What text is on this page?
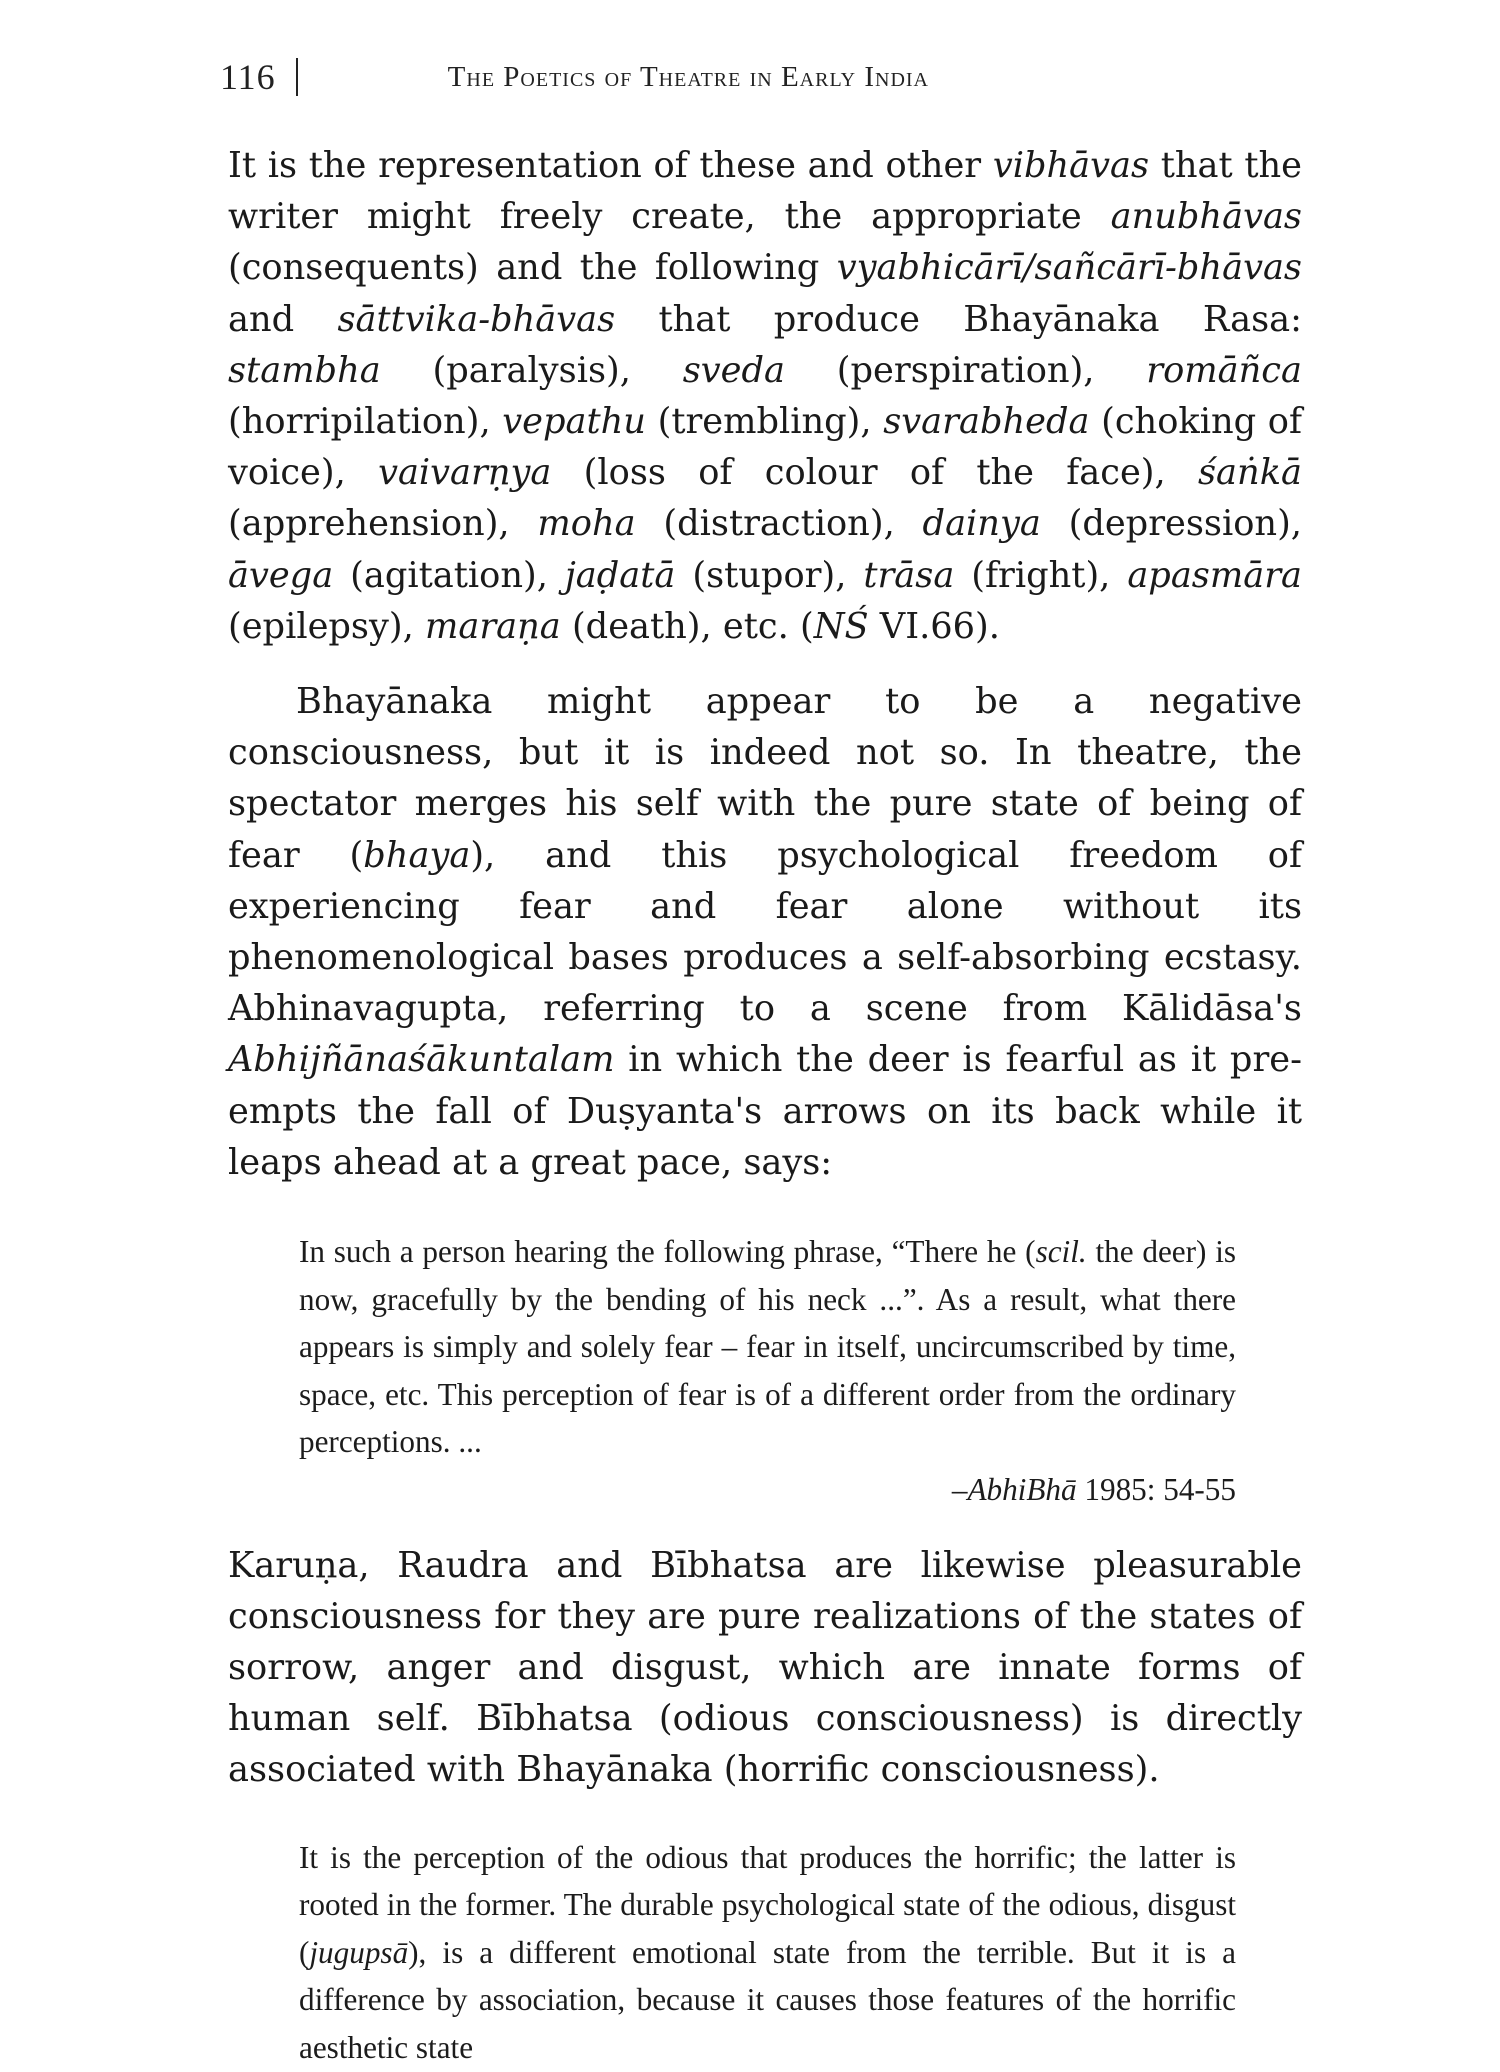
116	The Poetics of Theatre in Early India

It is the representation of these and other vibhāvas that the writer might freely create, the appropriate anubhāvas (consequents) and the following vyabhicārī/sañcārī-bhāvas and sāttvika-bhāvas that produce Bhayānaka Rasa: stambha (paralysis), sveda (perspiration), romāñca (horripilation), vepathu (trembling), svarabheda (choking of voice), vaivarṇya (loss of colour of the face), śaṅkā (apprehension), moha (distraction), dainya (depression), āvega (agitation), jaḍatā (stupor), trāsa (fright), apasmāra (epilepsy), maraṇa (death), etc. (NŚ VI.66).

Bhayānaka might appear to be a negative consciousness, but it is indeed not so. In theatre, the spectator merges his self with the pure state of being of fear (bhaya), and this psychological freedom of experiencing fear and fear alone without its phenomenological bases produces a self-absorbing ecstasy. Abhinavagupta, referring to a scene from Kālidāsa's Abhijñānaśākuntalam in which the deer is fearful as it pre-empts the fall of Duṣyanta's arrows on its back while it leaps ahead at a great pace, says:

In such a person hearing the following phrase, “There he (scil. the deer) is now, gracefully by the bending of his neck ...”. As a result, what there appears is simply and solely fear – fear in itself, uncircumscribed by time, space, etc. This perception of fear is of a different order from the ordinary perceptions. ...

–AbhiBhā 1985: 54-55

Karuṇa, Raudra and Bībhatsa are likewise pleasurable consciousness for they are pure realizations of the states of sorrow, anger and disgust, which are innate forms of human self. Bībhatsa (odious consciousness) is directly associated with Bhayānaka (horrific consciousness).

It is the perception of the odious that produces the horrific; the latter is rooted in the former. The durable psychological state of the odious, disgust (jugupsā), is a different emotional state from the terrible. But it is a difference by association, because it causes those features of the horrific aesthetic state
